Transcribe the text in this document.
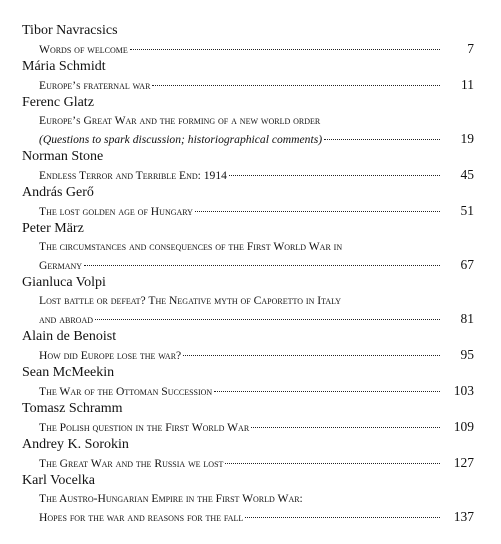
Tibor Navracsics
Words of welcome	7
Mária Schmidt
Europe’s fraternal war	11
Ferenc Glatz
Europe’s Great War and the forming of a new world order
(Questions to spark discussion; historiographical comments)	19
Norman Stone
Endless Terror and Terrible End: 1914	45
András Gerő
The lost golden age of Hungary	51
Peter März
The circumstances and consequences of the First World War in
Germany	67
Gianluca Volpi
Lost battle or defeat? The Negative myth of Caporetto in Italy
and abroad	81
Alain de Benoist
How did Europe lose the war?	95
Sean McMeekin
The War of the Ottoman Succession	103
Tomasz Schramm
The Polish question in the First World War	109
Andrey K. Sorokin
The Great War and the Russia we lost	127
Karl Vocelka
The Austro-Hungarian Empire in the First World War:
Hopes for the war and reasons for the fall	137
